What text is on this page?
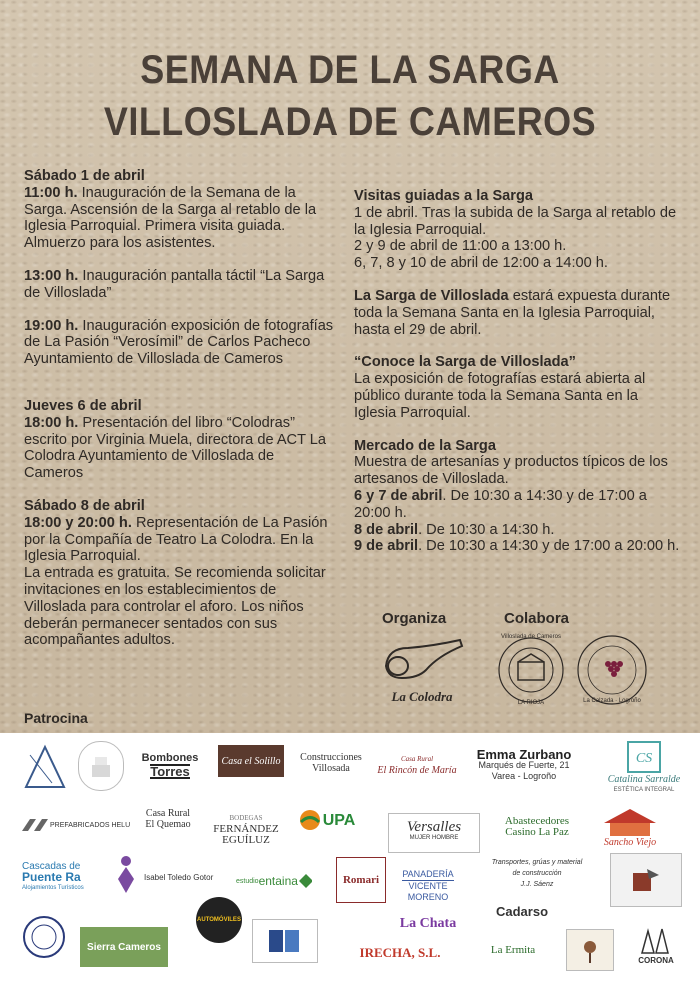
SEMANA DE LA SARGA
VILLOSLADA DE CAMEROS

Sábado 1 de abril

11:00 h. Inauguración de la Semana de la Sarga. Ascensión de la Sarga al retablo de la Iglesia Parroquial. Primera visita guiada. Almuerzo para los asistentes.

13:00 h. Inauguración pantalla táctil “La Sarga de Villoslada”

19:00 h. Inauguración exposición de fotografías de La Pasión “Verosímil” de Carlos Pacheco Ayuntamiento de Villoslada de Cameros

Jueves 6 de abril

18:00 h. Presentación del libro “Colodras” escrito por Virginia Muela, directora de ACT La Colodra Ayuntamiento de Villoslada de Cameros

Sábado 8 de abril

18:00 y 20:00 h. Representación de La Pasión por la Compañía de Teatro La Colodra. En la Iglesia Parroquial.

La entrada es gratuita. Se recomienda solicitar invitaciones en los establecimientos de Villoslada para controlar el aforo. Los niños deberán permanecer sentados con sus acompañantes adultos.

Visitas guiadas a la Sarga

1 de abril. Tras la subida de la Sarga al retablo de la Iglesia Parroquial.

2 y 9 de abril de 11:00 a 13:00 h.

6, 7, 8 y 10 de abril de 12:00 a 14:00 h.

La Sarga de Villoslada estará expuesta durante toda la Semana Santa en la Iglesia Parroquial, hasta el 29 de abril.

“Conoce la Sarga de Villoslada”

La exposición de fotografías estará abierta al público durante toda la Semana Santa en la Iglesia Parroquial.

Mercado de la Sarga

Muestra de artesanías y productos típicos de los artesanos de Villoslada.

6 y 7 de abril. De 10:30 a 14:30 y de 17:00 a 20:00 h.

8 de abril. De 10:30 a 14:30 h.

9 de abril. De 10:30 a 14:30 y de 17:00 a 20:00 h.

Organiza	Colabora
La Colodra
Villoslada de Cameros
LA RIOJA	La Calzada · Logroño
Patrocina
Bombones
Torres
Casa el Solillo Construcciones
Villosada
Casa Rural
El Rincón de María
Emma Zurbano
Marqués de Fuerte, 21
Varea - Logroño
CS
Catalina Sarralde
ESTÉTICA INTEGRAL
PREFABRICADOS HELU
Casa Rural
El Quemao
BODEGAS
FERNÁNDEZ
EGUÍLUZ
UPA	Versalles
MUJER HOMBRE
Abastecedores
Casino La Paz
Sancho Viejo
Cascadas de
Puente Ra
Alojamientos Turísticos
Isabel Toledo Gotor	estudio entaina	Romari	PANADERÍA
VICENTE MORENO
Transportes, grúas y material
de construcción
J.J. Sáenz
Sierra Cameros
AUTOMÓVILES	La Chata
IRECHA, S.L.
Cadarso
La Ermita
CORONA
